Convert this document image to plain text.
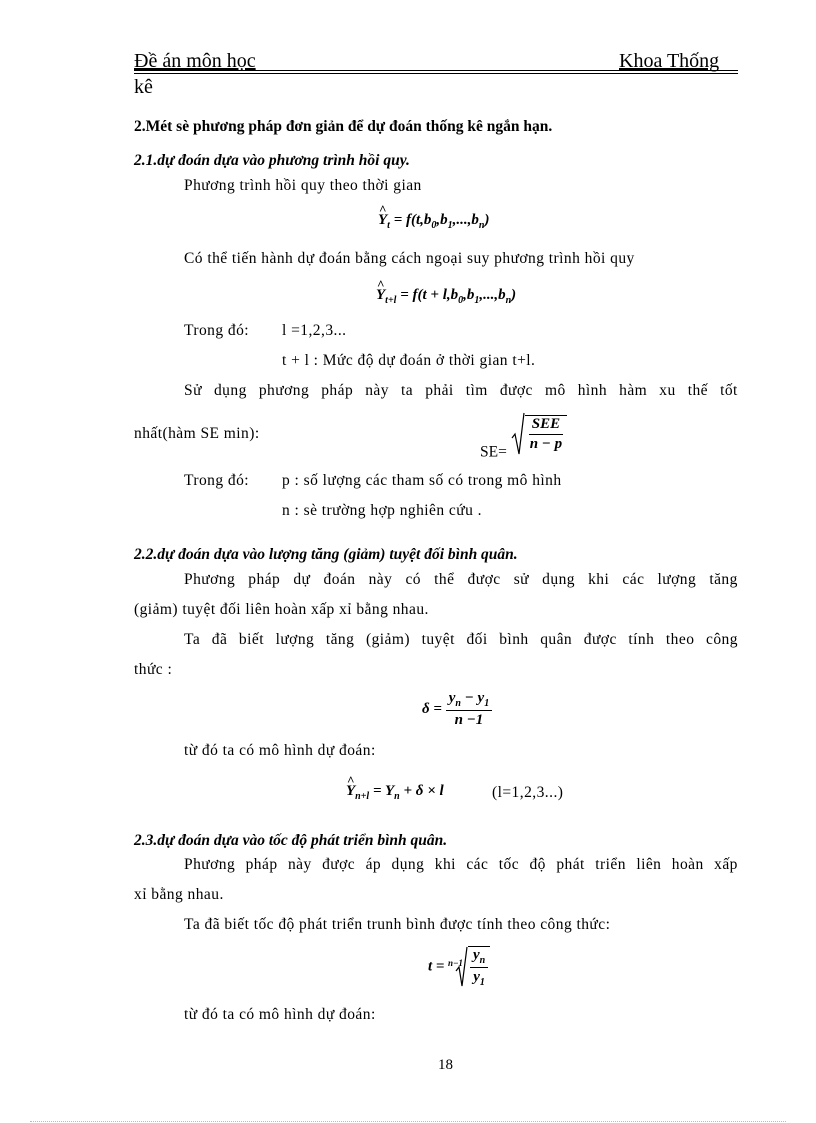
Đề án môn học	Khoa Thống
kê
2.Mét sè phương pháp đơn giản để dự đoán thống kê ngắn hạn.
2.1.dự đoán dựa vào phương trình hồi quy.
Phương trình hồi quy theo thời gian
^ $Y_t = f(t,b_0,b_1,...,b_n)$
Có thể tiến hành dự đoán bằng cách ngoại suy phương trình hồi quy
^ $Y_{t+l} = f(t + l,b_0,b_1,...,b_n)$
Trong đó: l =1,2,3...
t + l : Mức độ dự đoán ở thời gian t+l.
Sử dụng phương pháp này ta phải tìm được mô hình hàm xu thế tốt
nhất(hàm SE min):
$SE= \frac{\text{SEE}}{n - p}$
Trong đó: p : số lượng các tham số có trong mô hình
n : sè trường hợp nghiên cứu .
2.2.dự đoán dựa vào lượng tăng (giảm) tuyệt đối bình quân.
Phương pháp dự đoán này có thể được sử dụng khi các lượng tăng
(giảm) tuyệt đối liên hoàn xấp xỉ bằng nhau.
Ta đã biết lượng tăng (giảm) tuyệt đối bình quân được tính theo công
thức :
$\delta = \frac{y_n - y_1}{n -1}$
từ đó ta có mô hình dự đoán:
^ $Y_{n+l} = Y_n + \delta \times l$	(l=1,2,3...)
2.3.dự đoán dựa vào tốc độ phát triển bình quân.
Phương pháp này được áp dụng khi các tốc độ phát triển liên hoàn xấp
xỉ bằng nhau.
Ta đã biết tốc độ phát triển trunh bình được tính theo công thức:
$t = n-1 \frac{y_n}{y_1}$
từ đó ta có mô hình dự đoán:
18
